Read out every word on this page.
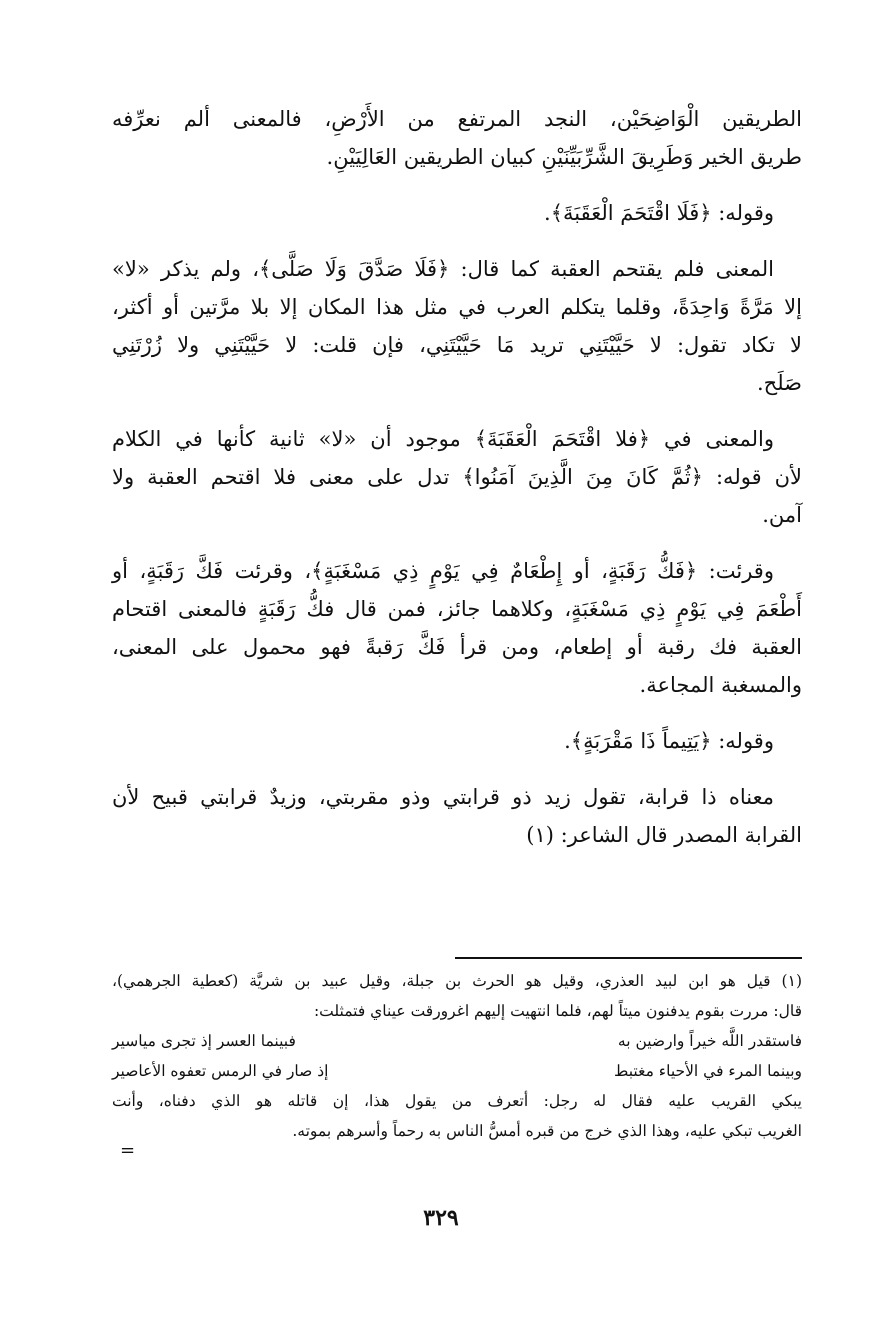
الطريقين الْوَاضِحَيْن، النجد المرتفع من الأَرْضِ، فالمعنى ألم نعرِّفه
طريق الخير وَطَرِيقَ الشَّرِّبَيِّنَيْنِ كبيان الطريقين العَالِيَيْنِ.
وقوله: ﴿فَلَا اقْتَحَمَ الْعَقَبَةَ﴾.
المعنى فلم يقتحم العقبة كما قال: ﴿فَلَا صَدَّقَ وَلَا صَلَّى﴾، ولم يذكر «لا»
إلا مَرَّةً وَاحِدَةً، وقلما يتكلم العرب في مثل هذا المكان إلا بلا مرَّتين أو أكثر،
لا تكاد تقول: لا حَيَّيْتَنِي تريد مَا حَيَّيْتَنِي، فإن قلت: لا حَيَّيْتَنِي ولا زُرْتَنِي
صَلَح.
والمعنى في ﴿فلا اقْتَحَمَ الْعَقَبَةَ﴾ موجود أن «لا» ثانية كأنها في الكلام
لأن قوله: ﴿ثُمَّ كَانَ مِنَ الَّذِينَ آمَنُوا﴾ تدل على معنى فلا اقتحم العقبة ولا
آمن.
وقرئت: ﴿فَكُّ رَقَبَةٍ، أو إِطْعَامٌ فِي يَوْمٍ ذِي مَسْغَبَةٍ﴾، وقرئت فَكَّ رَقَبَةٍ، أو
أَطْعَمَ فِي يَوْمٍ ذِي مَسْغَبَةٍ، وكلاهما جائز، فمن قال فكُّ رَقَبَةٍ فالمعنى اقتحام
العقبة فك رقبة أو إطعام، ومن قرأ فَكَّ رَقبةً فهو محمول على المعنى،
والمسغبة المجاعة.
وقوله: ﴿يَتِيماً ذَا مَقْرَبَةٍ﴾.
معناه ذا قرابة، تقول زيد ذو قرابتي وذو مقربتي، وزيدٌ قرابتي قبيح لأن
القرابة المصدر قال الشاعر: (١)
(١) قيل هو ابن لبيد العذري، وقيل هو الحرث بن جبلة، وقيل عبيد بن شريَّة (كعطية الجرهمي)،
قال: مررت بقوم يدفنون ميتاً لهم، فلما انتهيت إليهم اغرورقت عيناي فتمثلت:
فاستقدر اللَّه خيراً وارضين به
فبينما العسر إذ تجرى مياسير
وبينما المرء في الأحياء مغتبط
إذ صار في الرمس تعفوه الأعاصير
يبكي القريب عليه فقال له رجل: أتعرف من يقول هذا، إن قاتله هو الذي دفناه، وأنت
الغريب تبكي عليه، وهذا الذي خرج من قبره أمسُّ الناس به رحماً وأسرهم بموته.
=
٣٢٩
